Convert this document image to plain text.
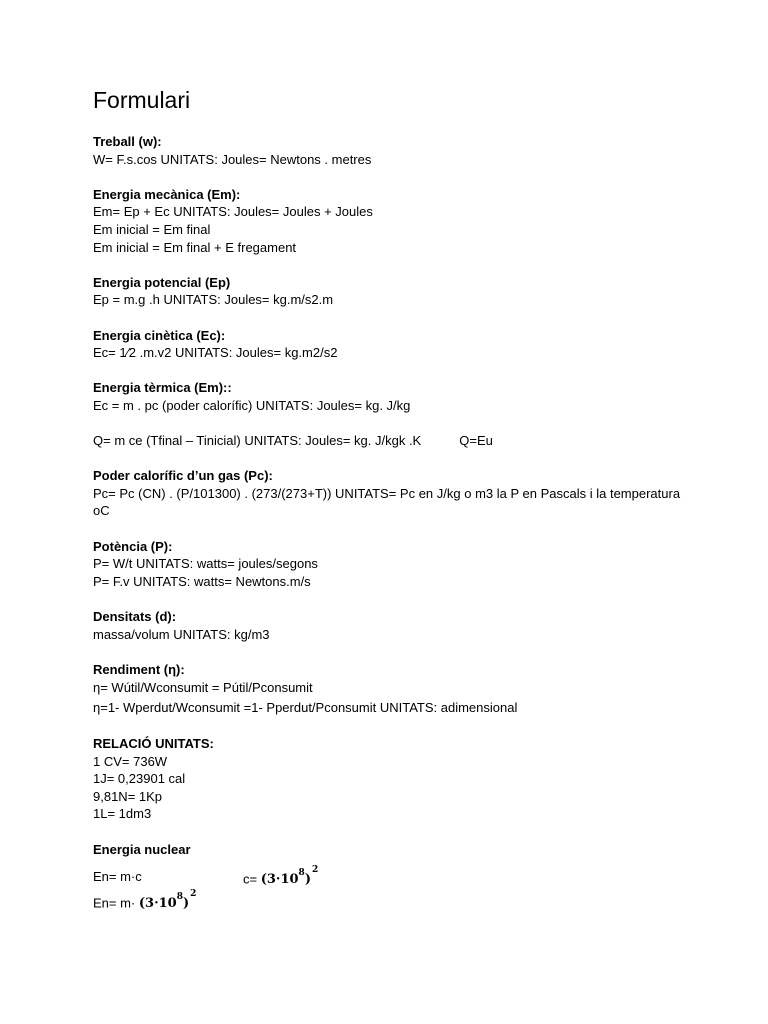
Formulari
Treball (w):
W= F.s.cos UNITATS: Joules= Newtons . metres
Energia mecànica (Em):
Em= Ep + Ec UNITATS: Joules= Joules + Joules
Em inicial = Em final
Em inicial = Em final + E fregament
Energia potencial (Ep)
Ep = m.g .h UNITATS: Joules= kg.m/s2.m
Energia cinètica (Ec):
Ec= 1⁄2 .m.v2 UNITATS: Joules= kg.m2/s2
Energia tèrmica (Em)::
Ec = m . pc (poder calorífic) UNITATS: Joules= kg. J/kg
Q= m ce (Tfinal – Tinicial) UNITATS: Joules= kg. J/kgk .K	Q=Eu
Poder calorífic d’un gas (Pc):
Pc= Pc (CN) . (P/101300) . (273/(273+T)) UNITATS= Pc en J/kg o m3 la P en Pascals i la temperatura oC
Potència (P):
P= W/t UNITATS: watts= joules/segons
P= F.v UNITATS: watts= Newtons.m/s
Densitats (d):
massa/volum UNITATS: kg/m3
Rendiment (η):
η= Wútil/Wconsumit = Pútil/Pconsumit
η=1- Wperdut/Wconsumit =1- Pperdut/Pconsumit UNITATS: adimensional
RELACIÓ UNITATS:
1 CV= 736W
1J= 0,23901 cal
9,81N= 1Kp
1L= 1dm3
Energia nuclear
En= m·c	$c= (3\cdot 10^8)^2$
$En= m\cdot (3\cdot 10^8)^2$
